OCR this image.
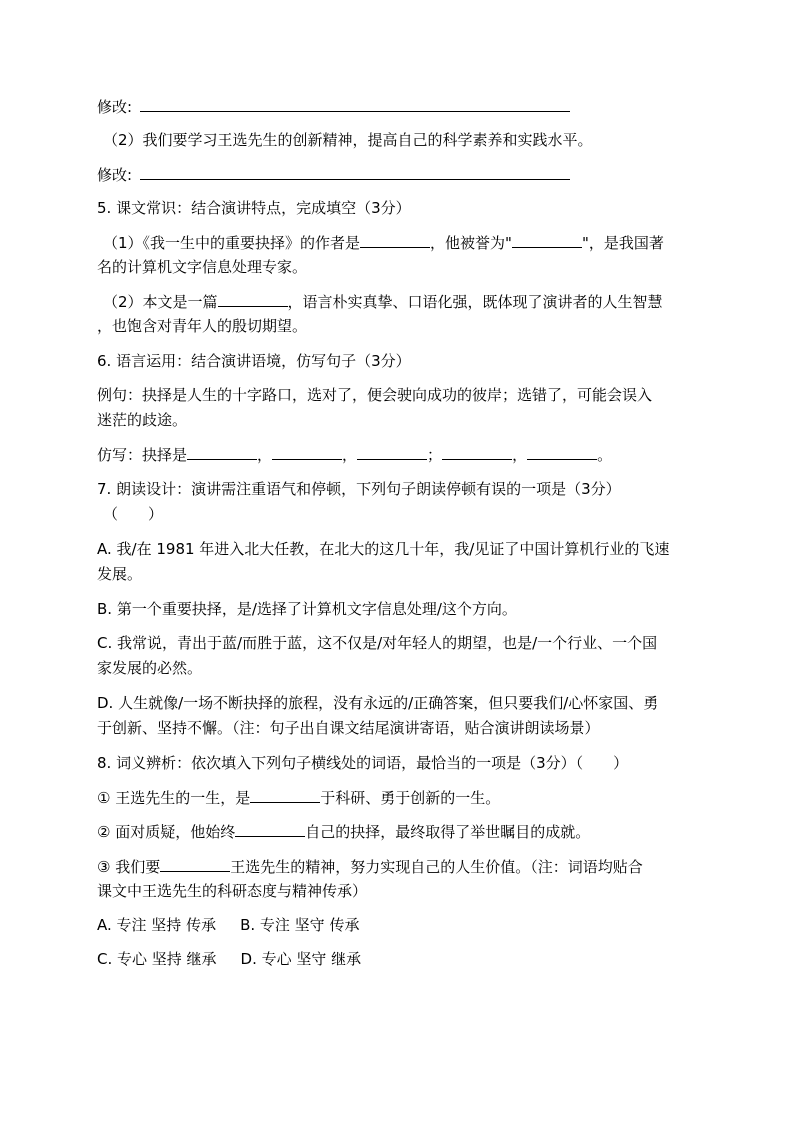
修改:
（2）我们要学习王选先生的创新精神，提高自己的科学素养和实践水平。
修改:
5. 课文常识：结合演讲特点，完成填空（3分）
（1）《我一生中的重要抉择》的作者是	，他被誉为"	"，是我国著
名的计算机文字信息处理专家。
（2）本文是一篇	，语言朴实真挚、口语化强，既体现了演讲者的人生智慧
，也饱含对青年人的殷切期望。
6. 语言运用：结合演讲语境，仿写句子（3分）
例句：抉择是人生的十字路口，选对了，便会驶向成功的彼岸；选错了，可能会误入
迷茫的歧途。
仿写：抉择是	，	，	；	，	。
7. 朗读设计：演讲需注重语气和停顿，下列句子朗读停顿有误的一项是（3分）
（　　）
A. 我/在 1981 年进入北大任教，在北大的这几十年，我/见证了中国计算机行业的飞速
发展。
B. 第一个重要抉择，是/选择了计算机文字信息处理/这个方向。
C. 我常说，青出于蓝/而胜于蓝，这不仅是/对年轻人的期望，也是/一个行业、一个国
家发展的必然。
D. 人生就像/一场不断抉择的旅程，没有永远的/正确答案，但只要我们/心怀家国、勇
于创新、坚持不懈。（注：句子出自课文结尾演讲寄语，贴合演讲朗读场景）
8. 词义辨析：依次填入下列句子横线处的词语，最恰当的一项是（3分）（　　）
① 王选先生的一生，是	于科研、勇于创新的一生。
② 面对质疑，他始终	自己的抉择，最终取得了举世瞩目的成就。
③ 我们要	王选先生的精神，努力实现自己的人生价值。（注：词语均贴合
课文中王选先生的科研态度与精神传承）
A. 专注 坚持 传承 B. 专注 坚守 传承
C. 专心 坚持 继承 D. 专心 坚守 继承
